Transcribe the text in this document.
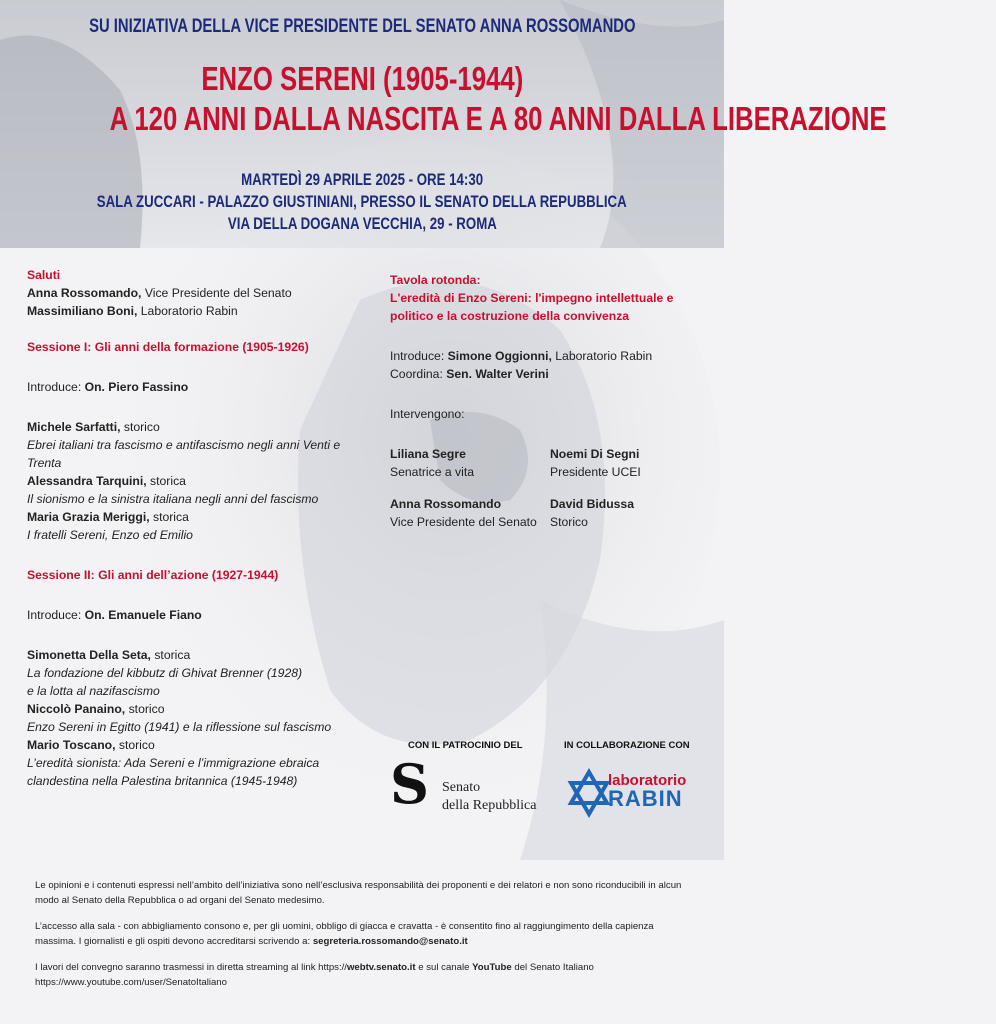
SU INIZIATIVA DELLA VICE PRESIDENTE DEL SENATO ANNA ROSSOMANDO
ENZO SERENI (1905-1944)
A 120 ANNI DALLA NASCITA E A 80 ANNI DALLA LIBERAZIONE
MARTEDÌ 29 APRILE 2025 - ORE 14:30
SALA ZUCCARI - PALAZZO GIUSTINIANI, PRESSO IL SENATO DELLA REPUBBLICA
VIA DELLA DOGANA VECCHIA, 29 - ROMA
Saluti
Anna Rossomando, Vice Presidente del Senato
Massimiliano Boni, Laboratorio Rabin
Sessione I: Gli anni della formazione (1905-1926)
Introduce: On. Piero Fassino
Michele Sarfatti, storico
Ebrei italiani tra fascismo e antifascismo negli anni Venti e Trenta
Alessandra Tarquini, storica
Il sionismo e la sinistra italiana negli anni del fascismo
Maria Grazia Meriggi, storica
I fratelli Sereni, Enzo ed Emilio
Sessione II: Gli anni dell’azione (1927-1944)
Introduce: On. Emanuele Fiano
Simonetta Della Seta, storica
La fondazione del kibbutz di Ghivat Brenner (1928)
e la lotta al nazifascismo
Niccolò Panaino, storico
Enzo Sereni in Egitto (1941) e la riflessione sul fascismo
Mario Toscano, storico
L’eredità sionista: Ada Sereni e l’immigrazione ebraica clandestina nella Palestina britannica (1945-1948)
Tavola rotonda:
L'eredità di Enzo Sereni: l'impegno intellettuale e politico e la costruzione della convivenza
Introduce: Simone Oggionni, Laboratorio Rabin
Coordina: Sen. Walter Verini
Intervengono:
Liliana Segre
Senatrice a vita
Noemi Di Segni
Presidente UCEI
Anna Rossomando
Vice Presidente del Senato
David Bidussa
Storico
CON IL PATROCINIO DEL	IN COLLABORAZIONE CON
S Senato
della Repubblica
laboratorio
RABIN

Le opinioni e i contenuti espressi nell’ambito dell’iniziativa sono nell’esclusiva responsabilità dei proponenti e dei relatori e non sono riconducibili in alcun modo al Senato della Repubblica o ad organi del Senato medesimo.

L’accesso alla sala - con abbigliamento consono e, per gli uomini, obbligo di giacca e cravatta - è consentito fino al raggiungimento della capienza massima. I giornalisti e gli ospiti devono accreditarsi scrivendo a: segreteria.rossomando@senato.it

I lavori del convegno saranno trasmessi in diretta streaming al link https://webtv.senato.it e sul canale YouTube del Senato Italiano
https://www.youtube.com/user/SenatoItaliano
